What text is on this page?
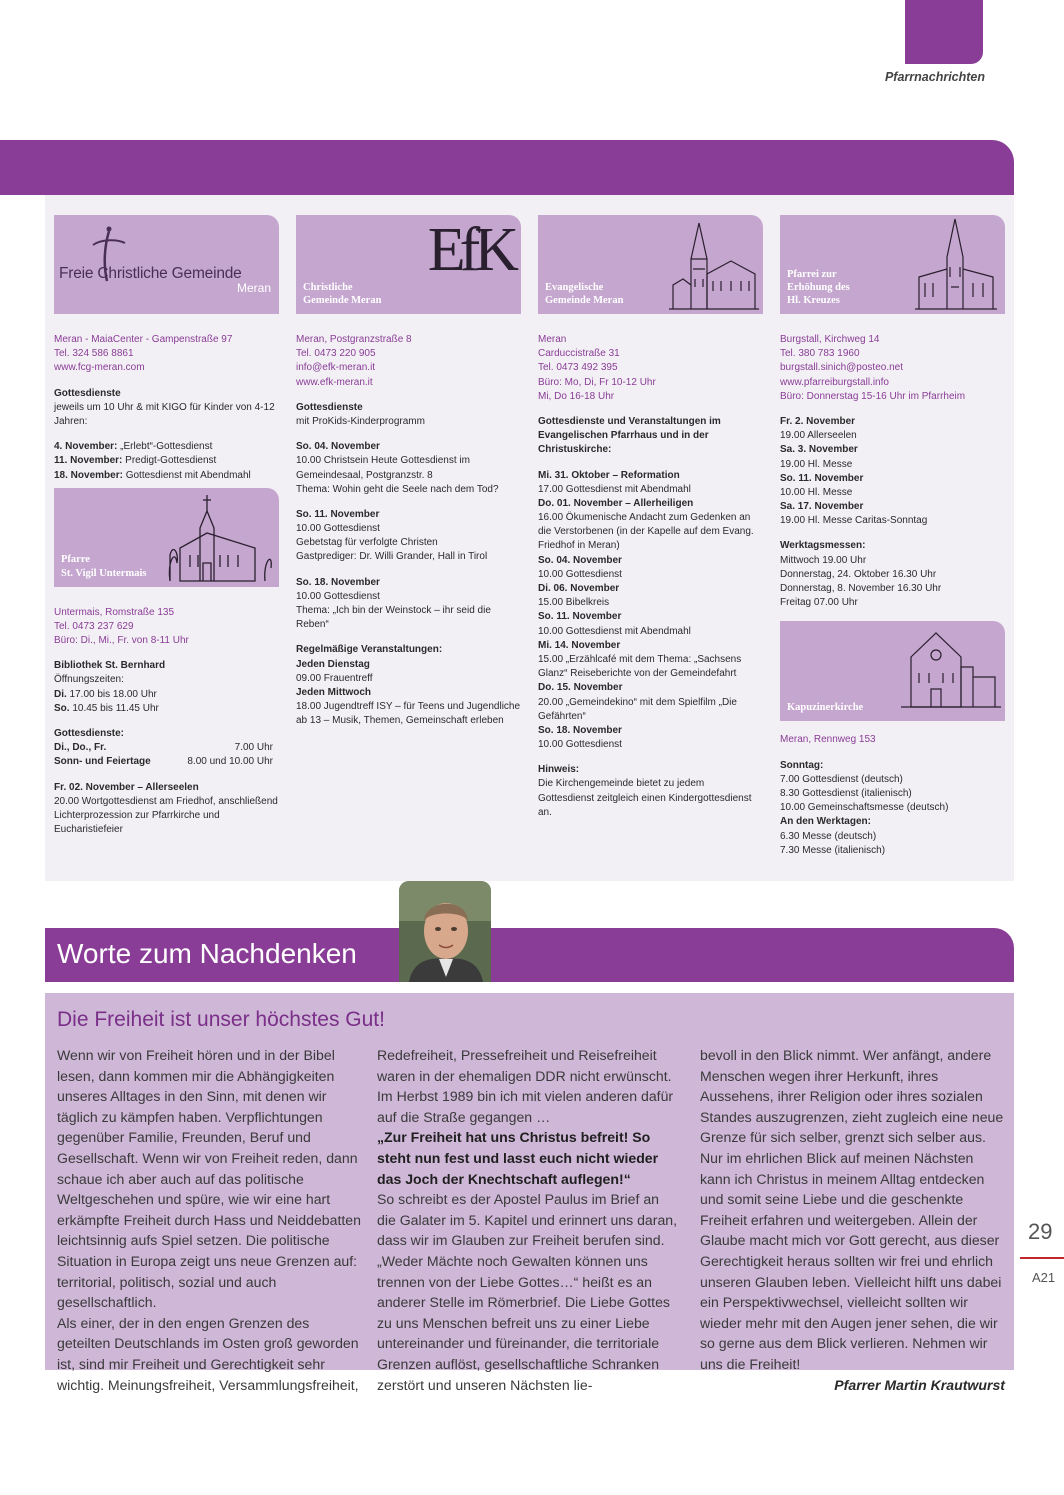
Pfarrnachrichten
Freie Christliche Gemeinde
Meran

Meran - MaiaCenter - Gampenstraße 97
Tel. 324 586 8861
www.fcg-meran.com

Gottesdienste
jeweils um 10 Uhr & mit KIGO für Kinder von 4-12 Jahren:

4. November: „Erlebt“-Gottesdienst
11. November: Predigt-Gottesdienst
18. November: Gottesdienst mit Abendmahl

Pfarre
St. Vigil Untermais

Untermais, Romstraße 135
Tel. 0473 237 629
Büro: Di., Mi., Fr. von 8-11 Uhr

Bibliothek St. Bernhard
Öffnungszeiten:
Di. 17.00 bis 18.00 Uhr
So. 10.45 bis 11.45 Uhr

Gottesdienste:
Di., Do., Fr.	7.00 Uhr
Sonn- und Feiertage	8.00 und 10.00 Uhr

Fr. 02. November – Allerseelen
20.00 Wortgottesdienst am Friedhof, anschließend Lichterprozession zur Pfarrkirche und Eucharistiefeier

EfK
Christliche
Gemeinde Meran

Meran, Postgranzstraße 8
Tel. 0473 220 905
info@efk-meran.it
www.efk-meran.it

Gottesdienste
mit ProKids-Kinderprogramm

So. 04. November
10.00 Christsein Heute Gottesdienst im Gemeindesaal, Postgranzstr. 8
Thema: Wohin geht die Seele nach dem Tod?

So. 11. November
10.00 Gottesdienst
Gebetstag für verfolgte Christen
Gastprediger: Dr. Willi Grander, Hall in Tirol

So. 18. November
10.00 Gottesdienst
Thema: „Ich bin der Weinstock – ihr seid die Reben“

Regelmäßige Veranstaltungen:
Jeden Dienstag
09.00 Frauentreff
Jeden Mittwoch
18.00 Jugendtreff ISY – für Teens und Jugendliche ab 13 – Musik, Themen, Gemeinschaft erleben

Evangelische
Gemeinde Meran

Meran
Carduccistraße 31
Tel. 0473 492 395
Büro: Mo, Di, Fr 10-12 Uhr
Mi, Do 16-18 Uhr

Gottesdienste und Veranstaltungen im Evangelischen Pfarrhaus und in der Christuskirche:

Mi. 31. Oktober – Reformation
17.00 Gottesdienst mit Abendmahl
Do. 01. November – Allerheiligen
16.00 Ökumenische Andacht zum Gedenken an die Verstorbenen (in der Kapelle auf dem Evang. Friedhof in Meran)
So. 04. November
10.00 Gottesdienst
Di. 06. November
15.00 Bibelkreis
So. 11. November
10.00 Gottesdienst mit Abendmahl
Mi. 14. November
15.00 „Erzählcafé mit dem Thema: „Sachsens Glanz“ Reiseberichte von der Gemeindefahrt
Do. 15. November
20.00 „Gemeindekino“ mit dem Spielfilm „Die Gefährten“
So. 18. November
10.00 Gottesdienst

Hinweis:
Die Kirchengemeinde bietet zu jedem Gottesdienst zeitgleich einen Kindergottesdienst an.

Pfarrei zur
Erhöhung des
Hl. Kreuzes

Burgstall, Kirchweg 14
Tel. 380 783 1960
burgstall.sinich@posteo.net
www.pfarreiburgstall.info
Büro: Donnerstag 15-16 Uhr im Pfarrheim

Fr. 2. November
19.00 Allerseelen
Sa. 3. November
19.00 Hl. Messe
So. 11. November
10.00 Hl. Messe
Sa. 17. November
19.00 Hl. Messe Caritas-Sonntag

Werktagsmessen:
Mittwoch 19.00 Uhr
Donnerstag, 24. Oktober 16.30 Uhr
Donnerstag, 8. November 16.30 Uhr
Freitag 07.00 Uhr

Kapuzinerkirche

Meran, Rennweg 153

Sonntag:
7.00 Gottesdienst (deutsch)
8.30 Gottesdienst (italienisch)
10.00 Gemeinschaftsmesse (deutsch)
An den Werktagen:
6.30 Messe (deutsch)
7.30 Messe (italienisch)

Worte zum Nachdenken
Die Freiheit ist unser höchstes Gut!
Wenn wir von Freiheit hören und in der Bibel lesen, dann kommen mir die Abhängigkeiten unseres Alltages in den Sinn, mit denen wir täglich zu kämpfen haben. Verpflichtungen gegenüber Familie, Freunden, Beruf und Gesellschaft. Wenn wir von Freiheit reden, dann schaue ich aber auch auf das politische Weltgeschehen und spüre, wie wir eine hart erkämpfte Freiheit durch Hass und Neiddebatten leichtsinnig aufs Spiel setzen. Die politische Situation in Europa zeigt uns neue Grenzen auf: territorial, politisch, sozial und auch gesellschaftlich.
Als einer, der in den engen Grenzen des geteilten Deutschlands im Osten groß geworden ist, sind mir Freiheit und Gerechtigkeit sehr wichtig. Meinungsfreiheit, Versammlungsfreiheit,
Redefreiheit, Pressefreiheit und Reisefreiheit waren in der ehemaligen DDR nicht erwünscht. Im Herbst 1989 bin ich mit vielen anderen dafür auf die Straße gegangen …
„Zur Freiheit hat uns Christus befreit! So steht nun fest und lasst euch nicht wieder das Joch der Knechtschaft auflegen!“
So schreibt es der Apostel Paulus im Brief an die Galater im 5. Kapitel und erinnert uns daran, dass wir im Glauben zur Freiheit berufen sind. „Weder Mächte noch Gewalten können uns trennen von der Liebe Gottes…“ heißt es an anderer Stelle im Römerbrief. Die Liebe Gottes zu uns Menschen befreit uns zu einer Liebe untereinander und füreinander, die territoriale Grenzen auflöst, gesellschaftliche Schranken zerstört und unseren Nächsten lie-
bevoll in den Blick nimmt. Wer anfängt, andere Menschen wegen ihrer Herkunft, ihres Aussehens, ihrer Religion oder ihres sozialen Standes auszugrenzen, zieht zugleich eine neue Grenze für sich selber, grenzt sich selber aus. Nur im ehrlichen Blick auf meinen Nächsten kann ich Christus in meinem Alltag entdecken und somit seine Liebe und die geschenkte Freiheit erfahren und weitergeben. Allein der Glaube macht mich vor Gott gerecht, aus dieser Gerechtigkeit heraus sollten wir frei und ehrlich unseren Glauben leben. Vielleicht hilft uns dabei ein Perspektivwechsel, vielleicht sollten wir wieder mehr mit den Augen jener sehen, die wir so gerne aus dem Blick verlieren. Nehmen wir uns die Freiheit!
Pfarrer Martin Krautwurst
29
A21
